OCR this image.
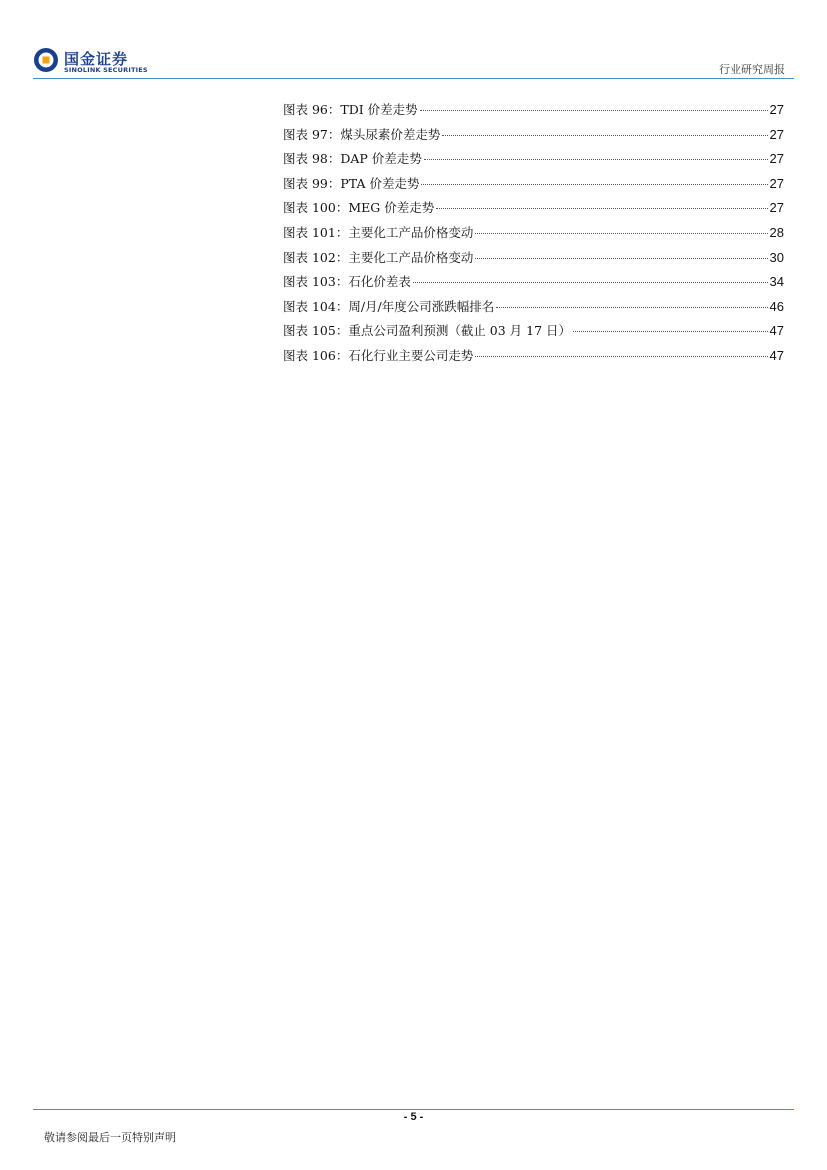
国金证券
SINOLINK SECURITIES	行业研究周报
图表 96：TDI 价差走势	27
图表 97：煤头尿素价差走势	27
图表 98：DAP 价差走势	27
图表 99：PTA 价差走势	27
图表 100：MEG 价差走势	27
图表 101：主要化工产品价格变动	28
图表 102：主要化工产品价格变动	30
图表 103：石化价差表	34
图表 104：周/月/年度公司涨跌幅排名	46
图表 105：重点公司盈利预测（截止 03 月 17 日）	47
图表 106：石化行业主要公司走势	47
- 5 -
敬请参阅最后一页特别声明
